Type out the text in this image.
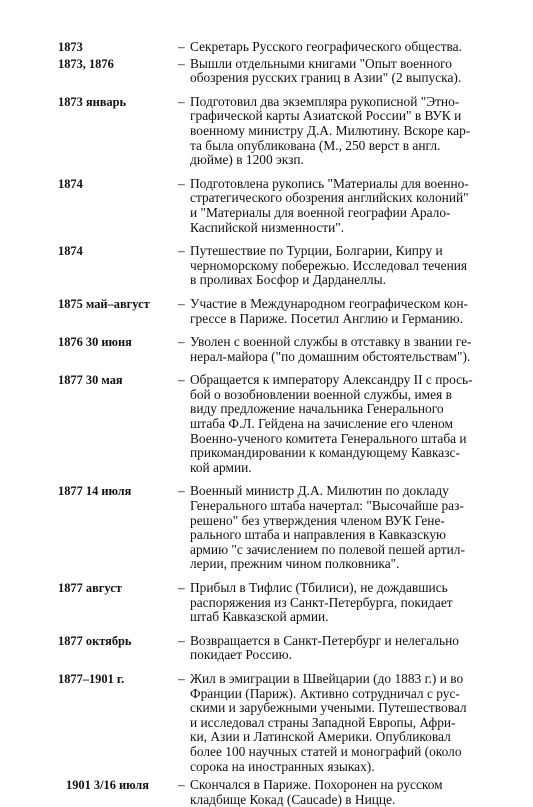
1873	– Секретарь Русского географического общества.
1873, 1876	– Вышли отдельными книгами "Опыт военного
обозрения русских границ в Азии" (2 выпуска).
1873 январь	– Подготовил два экземпляра рукописной "Этно-
графической карты Азиатской России" в ВУК и
военному министру Д.А. Милютину. Вскоре кар-
та была опубликована (М., 250 верст в англ.
дюйме) в 1200 экзп.
1874	– Подготовлена рукопись "Материалы для военно-
стратегического обозрения английских колоний"
и "Материалы для военной географии Арало-
Каспийской низменности".
1874	– Путешествие по Турции, Болгарии, Кипру и
черноморскому побережью. Исследовал течения
в проливах Босфор и Дарданеллы.
1875 май–август	– Участие в Международном географическом кон-
грессе в Париже. Посетил Англию и Германию.
1876 30 июня	– Уволен с военной службы в отставку в звании ге-
нерал-майора ("по домашним обстоятельствам").
1877 30 мая	– Обращается к императору Александру II с прось-
бой о возобновлении военной службы, имея в
виду предложение начальника Генерального
штаба Ф.Л. Гейдена на зачисление его членом
Военно-ученого комитета Генерального штаба и
прикомандировании к командующему Кавказс-
кой армии.
1877 14 июля	– Военный министр Д.А. Милютин по докладу
Генерального штаба начертал: "Высочайше раз-
решено" без утверждения членом ВУК Гене-
рального штаба и направления в Кавказскую
армию "с зачислением по полевой пешей артил-
лерии, прежним чином полковника".
1877 август	– Прибыл в Тифлис (Тбилиси), не дождавшись
распоряжения из Санкт-Петербурга, покидает
штаб Кавказской армии.
1877 октябрь	– Возвращается в Санкт-Петербург и нелегально
покидает Россию.
1877–1901 г.	– Жил в эмиграции в Швейцарии (до 1883 г.) и во
Франции (Париж). Активно сотрудничал с рус-
скими и зарубежными учеными. Путешествовал
и исследовал страны Западной Европы, Афри-
ки, Азии и Латинской Америки. Опубликовал
более 100 научных статей и монографий (около
сорока на иностранных языках).
1901 3/16 июля	– Скончался в Париже. Похоронен на русском
кладбище Кокад (Caucade) в Ницце.
